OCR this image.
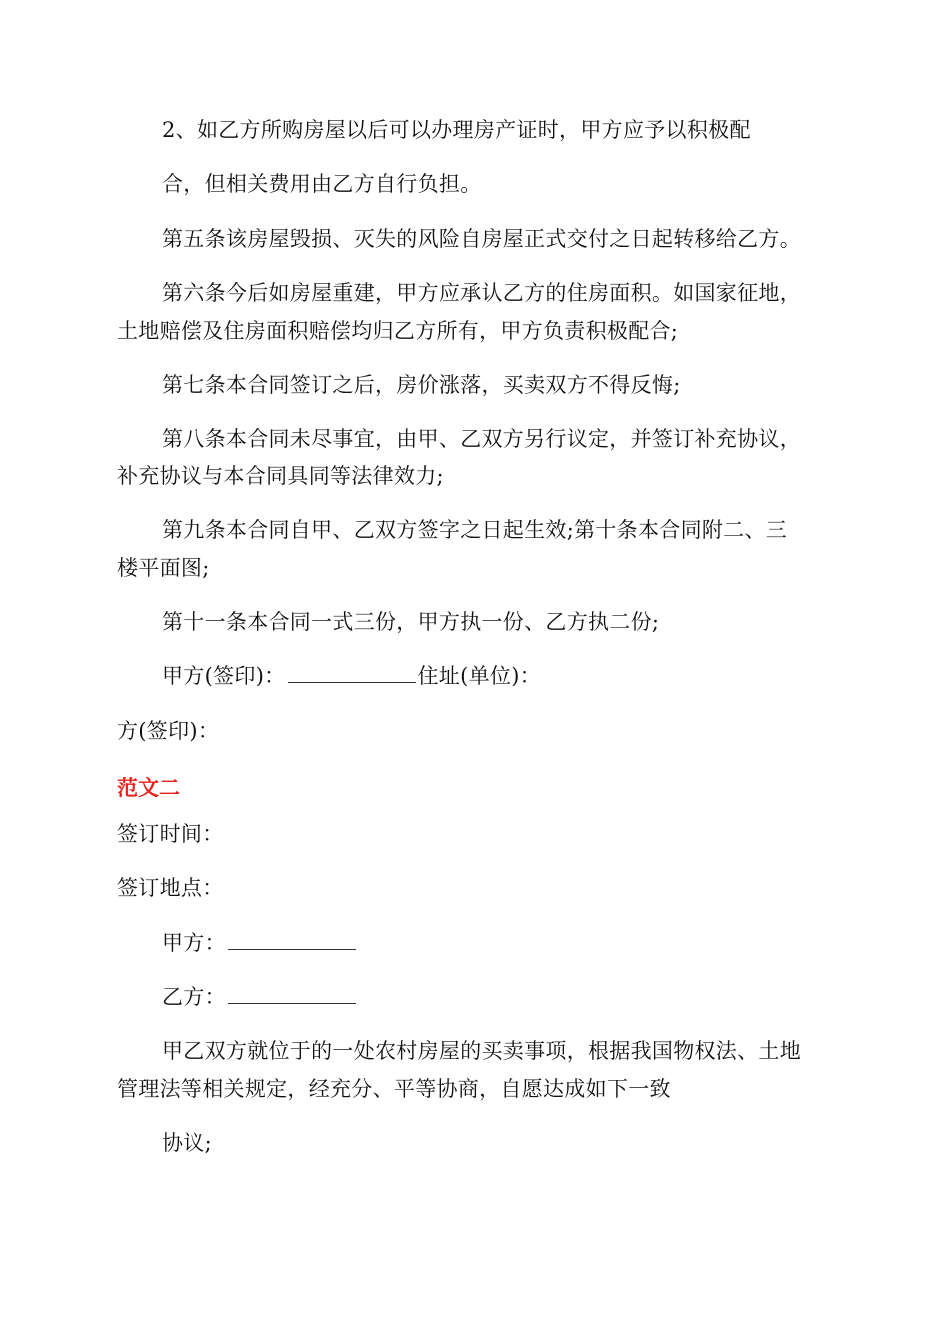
2、如乙方所购房屋以后可以办理房产证时，甲方应予以积极配
合，但相关费用由乙方自行负担。
第五条该房屋毁损、灭失的风险自房屋正式交付之日起转移给乙方。
第六条今后如房屋重建，甲方应承认乙方的住房面积。如国家征地，
土地赔偿及住房面积赔偿均归乙方所有，甲方负责积极配合;
第七条本合同签订之后，房价涨落，买卖双方不得反悔;
第八条本合同未尽事宜，由甲、乙双方另行议定，并签订补充协议，
补充协议与本合同具同等法律效力;
第九条本合同自甲、乙双方签字之日起生效;第十条本合同附二、三
楼平面图;
第十一条本合同一式三份，甲方执一份、乙方执二份;
甲方(签印)：	住址(单位)：
方(签印)：
范文二
签订时间：
签订地点：
甲方：
乙方：
甲乙双方就位于的一处农村房屋的买卖事项，根据我国物权法、土地
管理法等相关规定，经充分、平等协商，自愿达成如下一致
协议;
